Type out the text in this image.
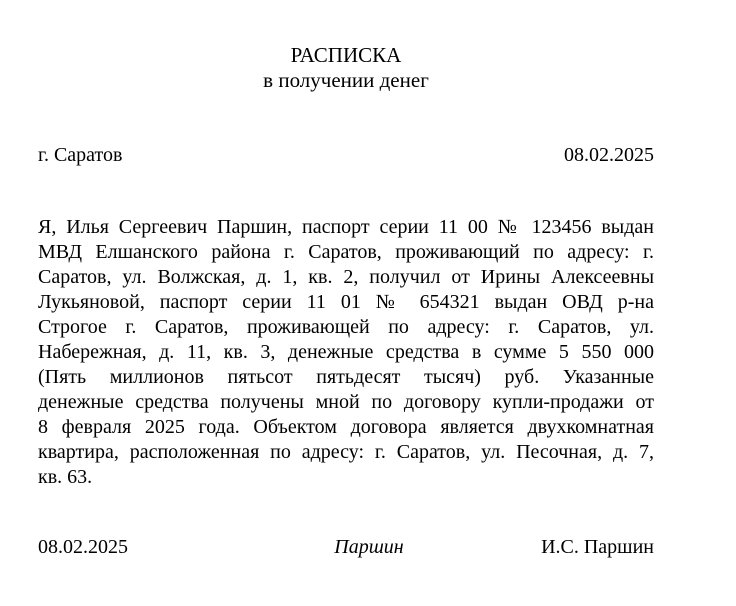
РАСПИСКА
в получении денег
г. Саратов	08.02.2025
Я, Илья Сергеевич Паршин, паспорт серии 11 00 № 123456 выдан
МВД Елшанского района г. Саратов, проживающий по адресу: г.
Саратов, ул. Волжская, д. 1, кв. 2, получил от Ирины Алексеевны
Лукьяновой, паспорт серии 11 01 № 654321 выдан ОВД р-на
Строгое г. Саратов, проживающей по адресу: г. Саратов, ул.
Набережная, д. 11, кв. 3, денежные средства в сумме 5 550 000
(Пять миллионов пятьсот пятьдесят тысяч) руб. Указанные
денежные средства получены мной по договору купли-продажи от
8 февраля 2025 года. Объектом договора является двухкомнатная
квартира, расположенная по адресу: г. Саратов, ул. Песочная, д. 7,
кв. 63.
08.02.2025	Паршин	И.С. Паршин
